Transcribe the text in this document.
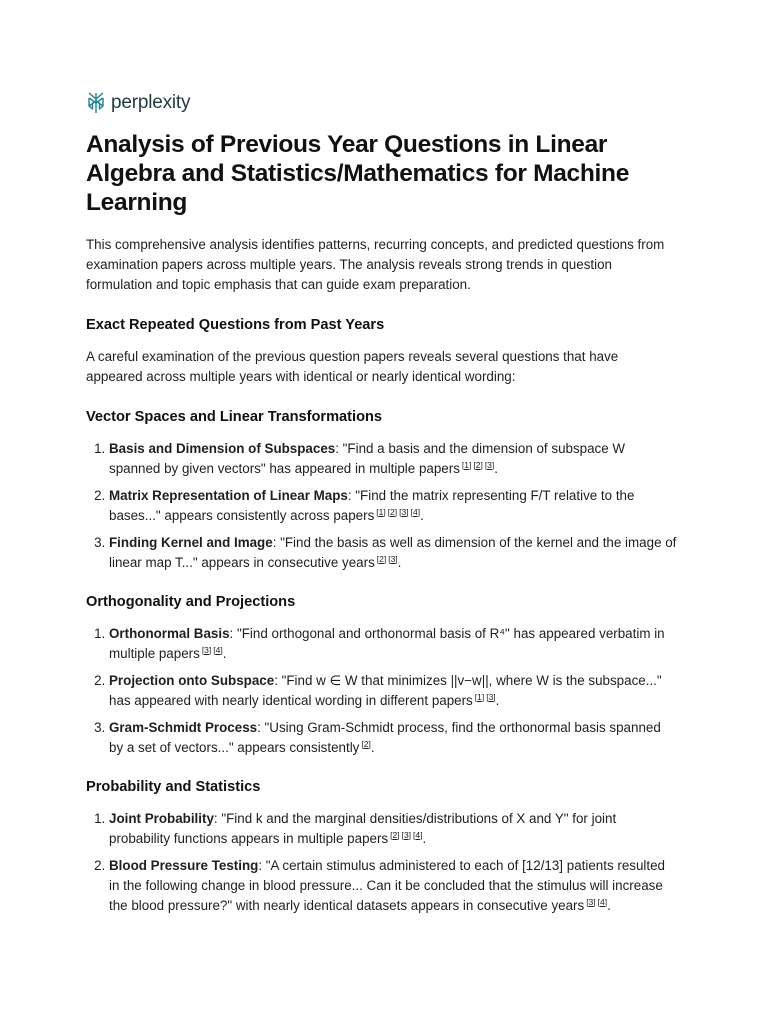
perplexity
Analysis of Previous Year Questions in Linear Algebra and Statistics/Mathematics for Machine Learning

This comprehensive analysis identifies patterns, recurring concepts, and predicted questions from examination papers across multiple years. The analysis reveals strong trends in question formulation and topic emphasis that can guide exam preparation.

Exact Repeated Questions from Past Years

A careful examination of the previous question papers reveals several questions that have appeared across multiple years with identical or nearly identical wording:

Vector Spaces and Linear Transformations
1. Basis and Dimension of Subspaces: "Find a basis and the dimension of subspace W spanned by given vectors" has appeared in multiple papers [1] [2] [3].
2. Matrix Representation of Linear Maps: "Find the matrix representing F/T relative to the bases..." appears consistently across papers [1] [2] [3] [4].
3. Finding Kernel and Image: "Find the basis as well as dimension of the kernel and the image of linear map T..." appears in consecutive years [2] [3].
Orthogonality and Projections
1. Orthonormal Basis: "Find orthogonal and orthonormal basis of R⁴" has appeared verbatim in multiple papers [3] [4].
2. Projection onto Subspace: "Find w ∈ W that minimizes ||v−w||, where W is the subspace..." has appeared with nearly identical wording in different papers [1] [3].
3. Gram-Schmidt Process: "Using Gram-Schmidt process, find the orthonormal basis spanned by a set of vectors..." appears consistently [2].
Probability and Statistics
1. Joint Probability: "Find k and the marginal densities/distributions of X and Y" for joint probability functions appears in multiple papers [2] [3] [4].
2. Blood Pressure Testing: "A certain stimulus administered to each of [12/13] patients resulted in the following change in blood pressure... Can it be concluded that the stimulus will increase the blood pressure?" with nearly identical datasets appears in consecutive years [3] [4].
